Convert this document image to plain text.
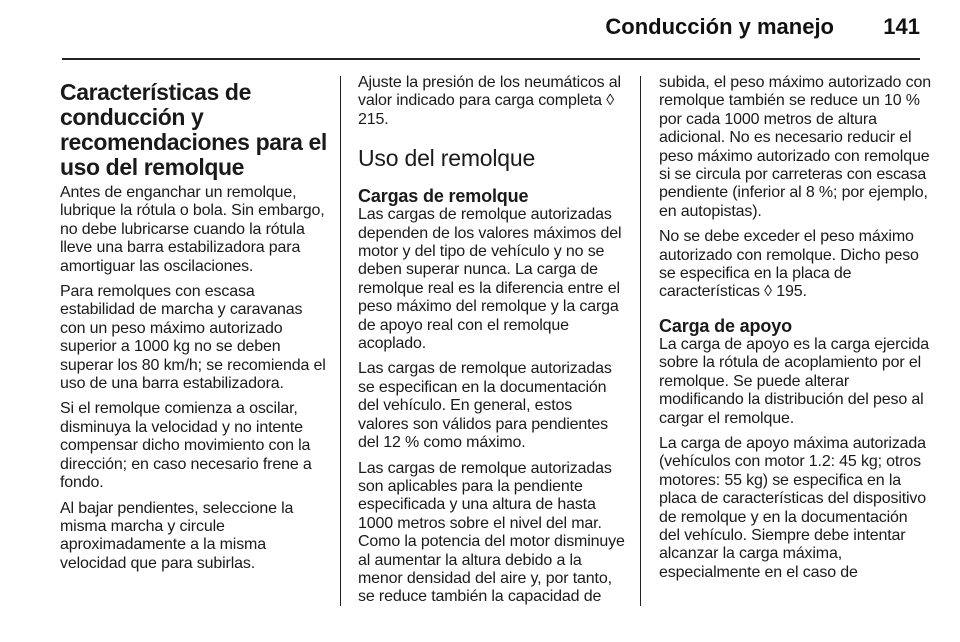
Conducción y manejo 141
Características de conducción y recomendaciones para el uso del remolque

Antes de enganchar un remolque, lubrique la rótula o bola. Sin embargo, no debe lubricarse cuando la rótula lleve una barra estabilizadora para amortiguar las oscilaciones.

Para remolques con escasa estabilidad de marcha y caravanas con un peso máximo autorizado superior a 1000 kg no se deben superar los 80 km/h; se recomienda el uso de una barra estabilizadora.

Si el remolque comienza a oscilar, disminuya la velocidad y no intente compensar dicho movimiento con la dirección; en caso necesario frene a fondo.

Al bajar pendientes, seleccione la misma marcha y circule aproximadamente a la misma velocidad que para subirlas.

Ajuste la presión de los neumáticos al valor indicado para carga completa ◊ 215.

Uso del remolque
Cargas de remolque

Las cargas de remolque autorizadas dependen de los valores máximos del motor y del tipo de vehículo y no se deben superar nunca. La carga de remolque real es la diferencia entre el peso máximo del remolque y la carga de apoyo real con el remolque acoplado.

Las cargas de remolque autorizadas se especifican en la documentación del vehículo. En general, estos valores son válidos para pendientes del 12 % como máximo.

Las cargas de remolque autorizadas son aplicables para la pendiente especificada y una altura de hasta 1000 metros sobre el nivel del mar. Como la potencia del motor disminuye al aumentar la altura debido a la menor densidad del aire y, por tanto, se reduce también la capacidad de

subida, el peso máximo autorizado con remolque también se reduce un 10 % por cada 1000 metros de altura adicional. No es necesario reducir el peso máximo autorizado con remolque si se circula por carreteras con escasa pendiente (inferior al 8 %; por ejemplo, en autopistas).

No se debe exceder el peso máximo autorizado con remolque. Dicho peso se especifica en la placa de características ◊ 195.

Carga de apoyo

La carga de apoyo es la carga ejercida sobre la rótula de acoplamiento por el remolque. Se puede alterar modificando la distribución del peso al cargar el remolque.

La carga de apoyo máxima autorizada (vehículos con motor 1.2: 45 kg; otros motores: 55 kg) se especifica en la placa de características del dispositivo de remolque y en la documentación del vehículo. Siempre debe intentar alcanzar la carga máxima, especialmente en el caso de
